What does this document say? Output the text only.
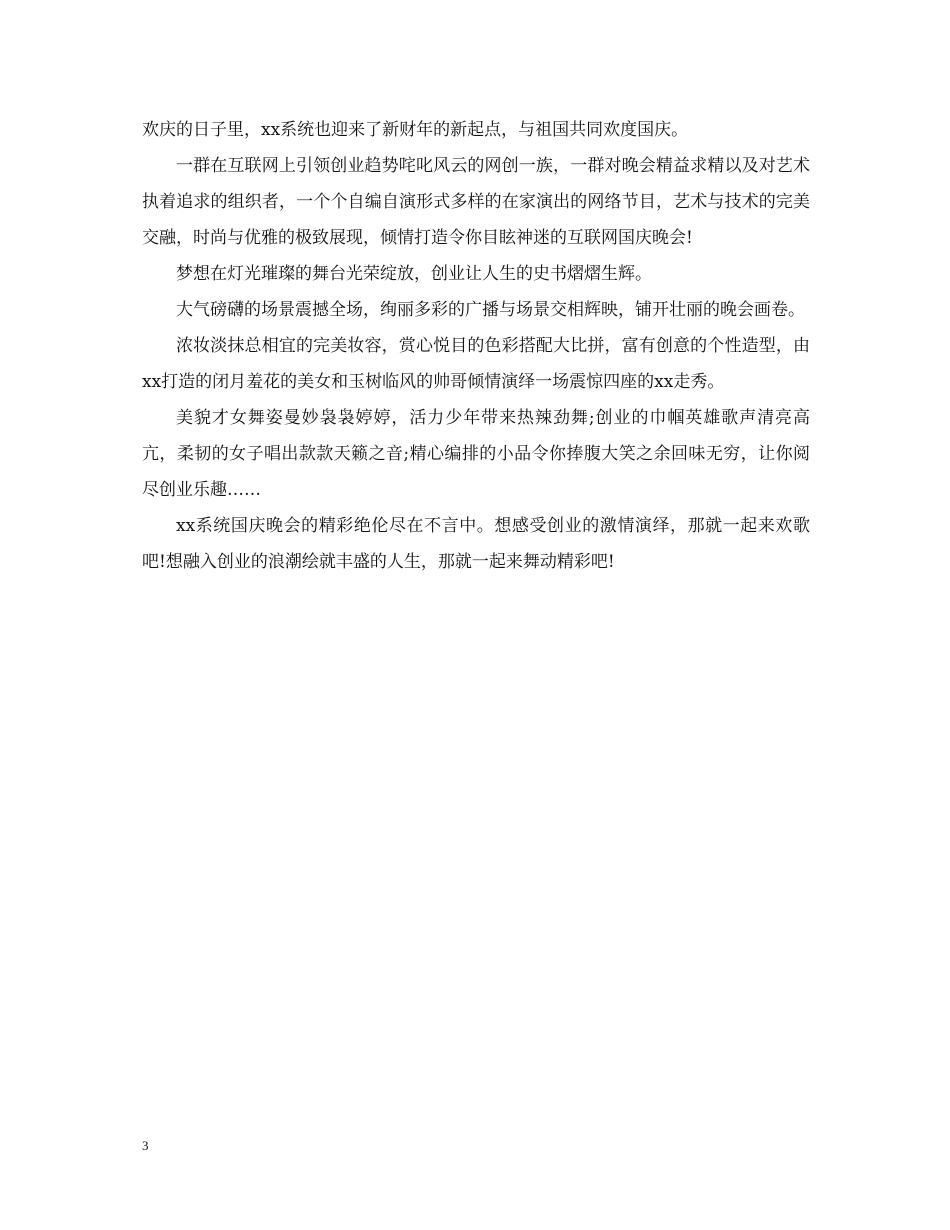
欢庆的日子里，xx系统也迎来了新财年的新起点，与祖国共同欢度国庆。

一群在互联网上引领创业趋势咤叱风云的网创一族，一群对晚会精益求精以及对艺术执着追求的组织者，一个个自编自演形式多样的在家演出的网络节目，艺术与技术的完美交融，时尚与优雅的极致展现，倾情打造令你目眩神迷的互联网国庆晚会!

梦想在灯光璀璨的舞台光荣绽放，创业让人生的史书熠熠生辉。

大气磅礴的场景震撼全场，绚丽多彩的广播与场景交相辉映，铺开壮丽的晚会画卷。

浓妆淡抹总相宜的完美妆容，赏心悦目的色彩搭配大比拼，富有创意的个性造型，由xx打造的闭月羞花的美女和玉树临风的帅哥倾情演绎一场震惊四座的xx走秀。

美貌才女舞姿曼妙袅袅婷婷，活力少年带来热辣劲舞;创业的巾帼英雄歌声清亮高亢，柔韧的女子唱出款款天籁之音;精心编排的小品令你捧腹大笑之余回味无穷，让你阅尽创业乐趣……

xx系统国庆晚会的精彩绝伦尽在不言中。想感受创业的激情演绎，那就一起来欢歌吧!想融入创业的浪潮绘就丰盛的人生，那就一起来舞动精彩吧!

3
